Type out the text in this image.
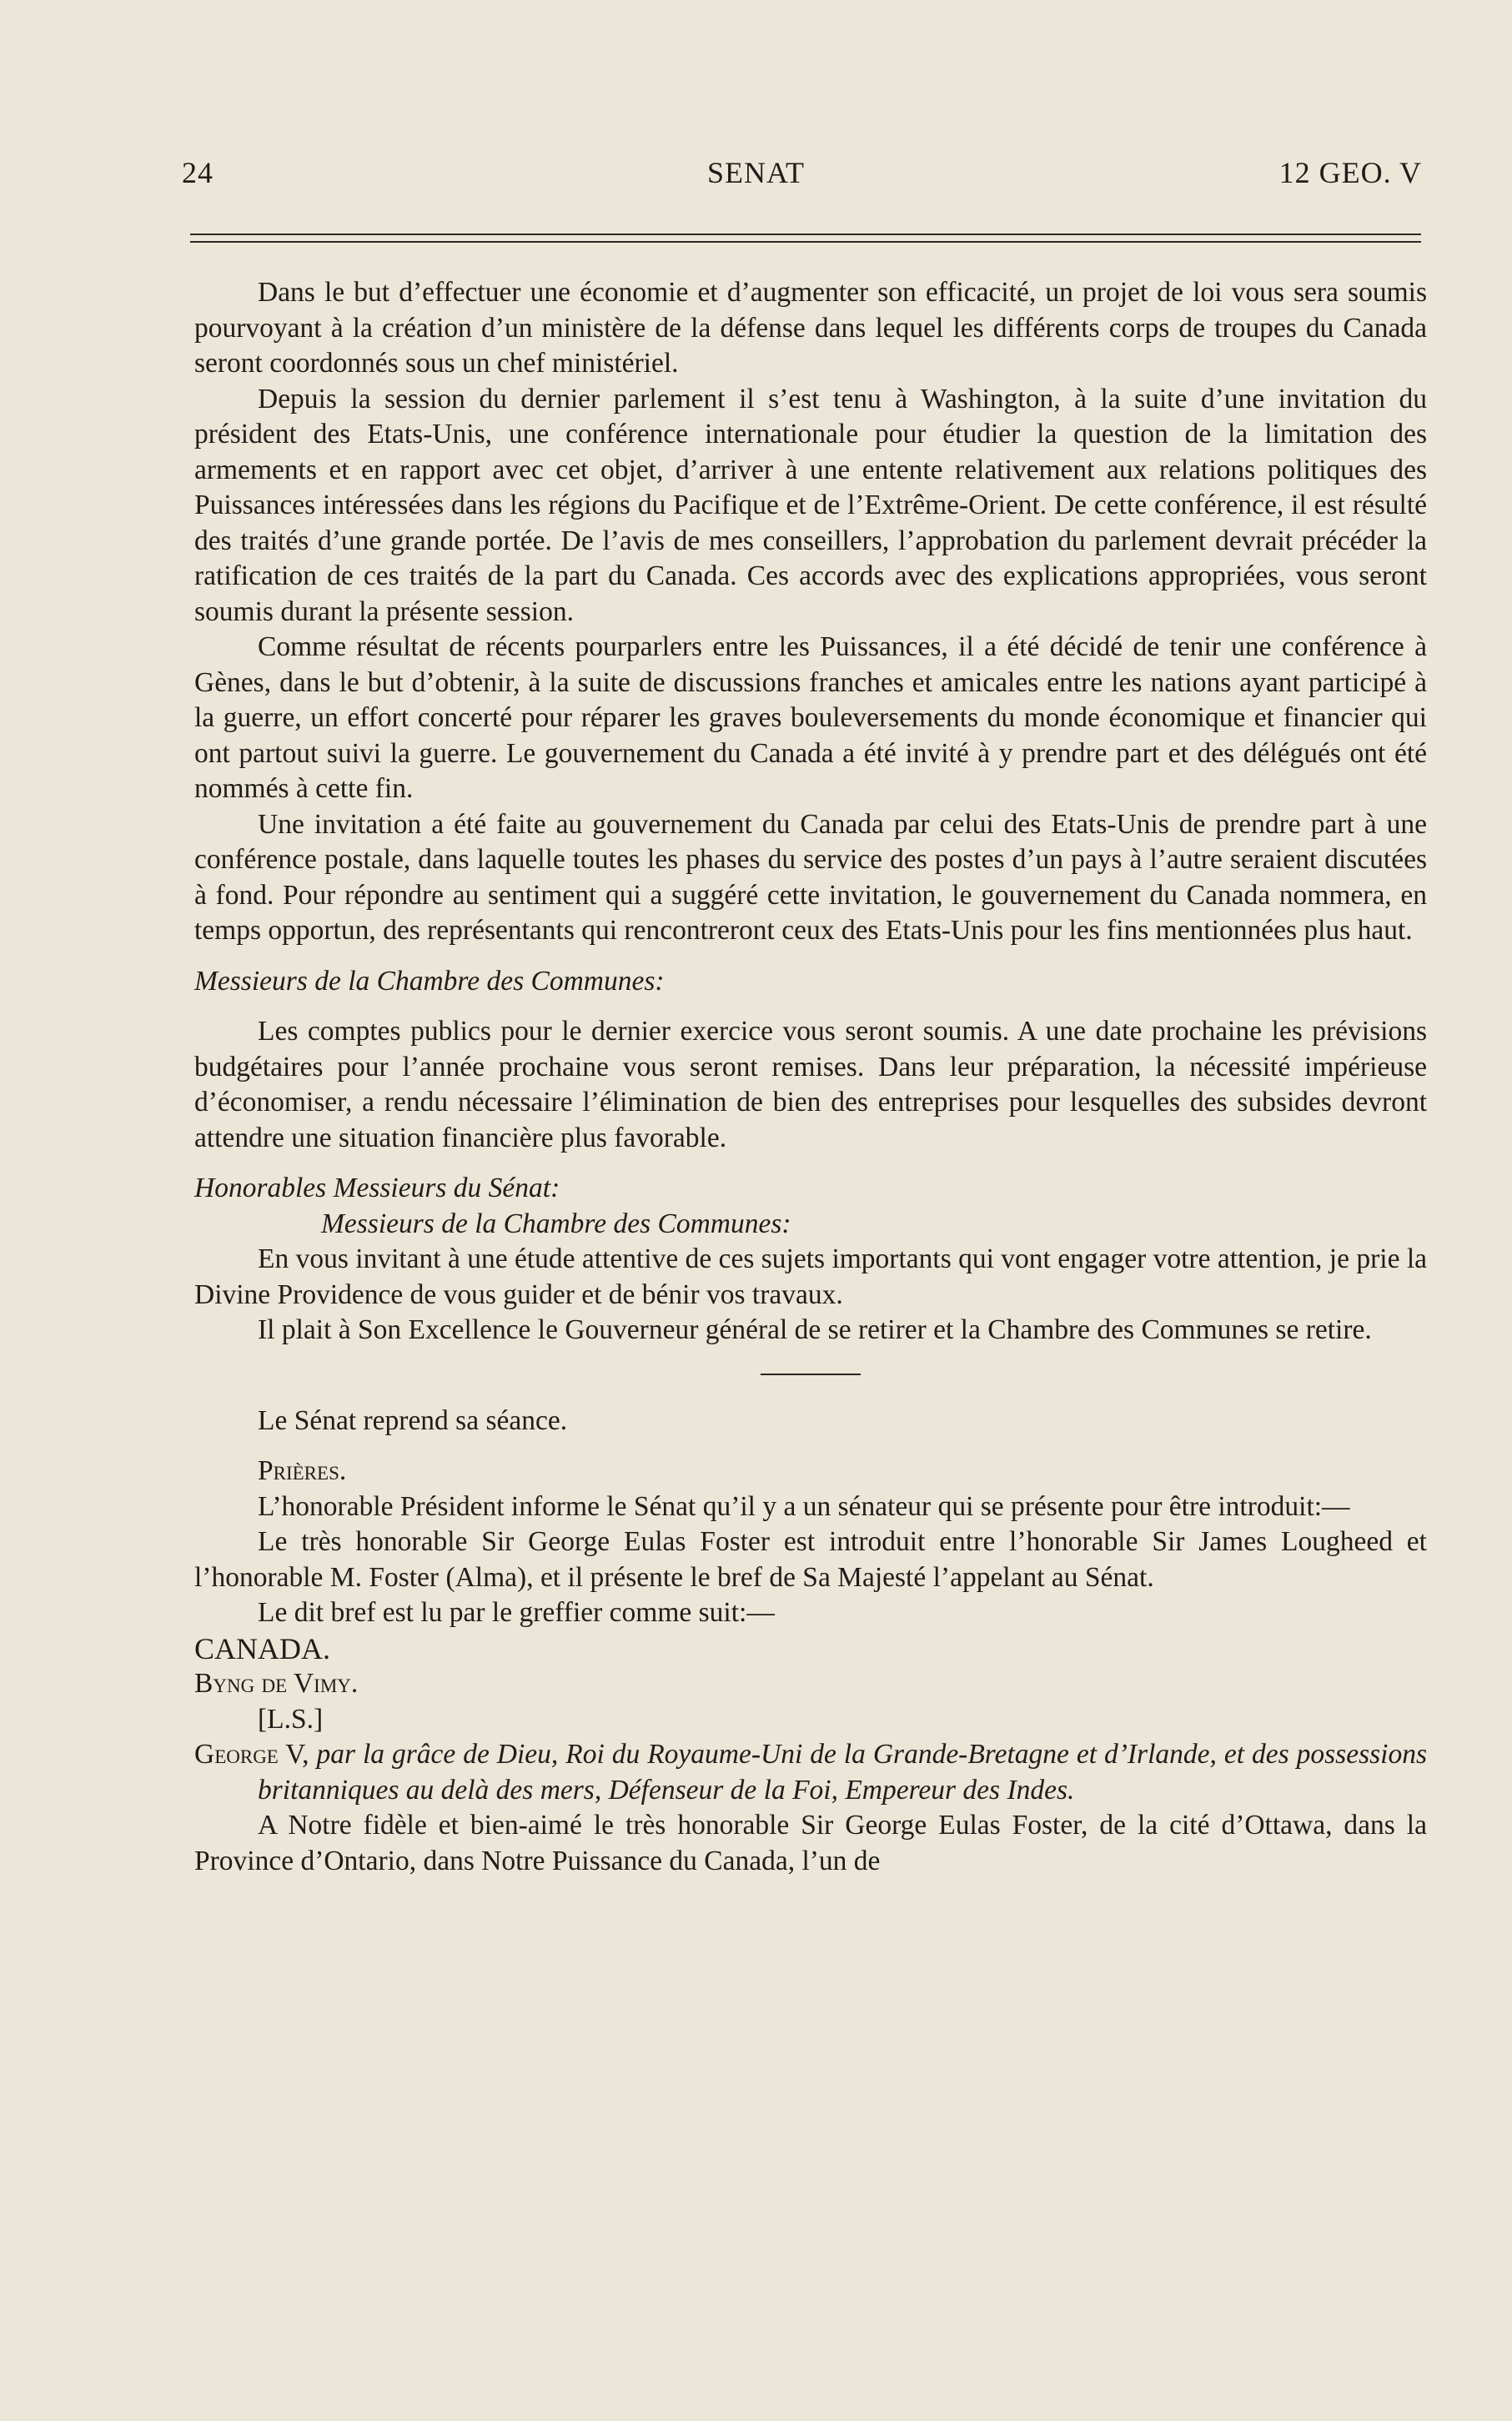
24	SENAT	12 GEO. V

Dans le but d’effectuer une économie et d’augmenter son efficacité, un projet de loi vous sera soumis pourvoyant à la création d’un ministère de la défense dans lequel les différents corps de troupes du Canada seront coordonnés sous un chef ministériel.

Depuis la session du dernier parlement il s’est tenu à Washington, à la suite d’une invitation du président des Etats-Unis, une conférence internationale pour étudier la question de la limitation des armements et en rapport avec cet objet, d’arriver à une entente relativement aux relations politiques des Puissances intéressées dans les régions du Pacifique et de l’Extrême-Orient. De cette conférence, il est résulté des traités d’une grande portée. De l’avis de mes conseillers, l’approbation du parlement devrait précéder la ratification de ces traités de la part du Canada. Ces accords avec des explications appropriées, vous seront soumis durant la présente session.

Comme résultat de récents pourparlers entre les Puissances, il a été décidé de tenir une conférence à Gènes, dans le but d’obtenir, à la suite de discussions franches et amicales entre les nations ayant participé à la guerre, un effort concerté pour réparer les graves bouleversements du monde économique et financier qui ont partout suivi la guerre. Le gouvernement du Canada a été invité à y prendre part et des délégués ont été nommés à cette fin.

Une invitation a été faite au gouvernement du Canada par celui des Etats-Unis de prendre part à une conférence postale, dans laquelle toutes les phases du service des postes d’un pays à l’autre seraient discutées à fond. Pour répondre au sentiment qui a suggéré cette invitation, le gouvernement du Canada nommera, en temps opportun, des représentants qui rencontreront ceux des Etats-Unis pour les fins mentionnées plus haut.

Messieurs de la Chambre des Communes:

Les comptes publics pour le dernier exercice vous seront soumis. A une date prochaine les prévisions budgétaires pour l’année prochaine vous seront remises. Dans leur préparation, la nécessité impérieuse d’économiser, a rendu nécessaire l’élimination de bien des entreprises pour lesquelles des subsides devront attendre une situation financière plus favorable.

Honorables Messieurs du Sénat:

Messieurs de la Chambre des Communes:

En vous invitant à une étude attentive de ces sujets importants qui vont engager votre attention, je prie la Divine Providence de vous guider et de bénir vos travaux.

Il plait à Son Excellence le Gouverneur général de se retirer et la Chambre des Communes se retire.

Le Sénat reprend sa séance.

Prières.

L’honorable Président informe le Sénat qu’il y a un sénateur qui se présente pour être introduit:—

Le très honorable Sir George Eulas Foster est introduit entre l’honorable Sir James Lougheed et l’honorable M. Foster (Alma), et il présente le bref de Sa Majesté l’appelant au Sénat.

Le dit bref est lu par le greffier comme suit:—

CANADA.

Byng de Vimy.

[L.S.]

George V, par la grâce de Dieu, Roi du Royaume-Uni de la Grande-Bretagne et d’Irlande, et des possessions britanniques au delà des mers, Défenseur de la Foi, Empereur des Indes.

A Notre fidèle et bien-aimé le très honorable Sir George Eulas Foster, de la cité d’Ottawa, dans la Province d’Ontario, dans Notre Puissance du Canada, l’un de
